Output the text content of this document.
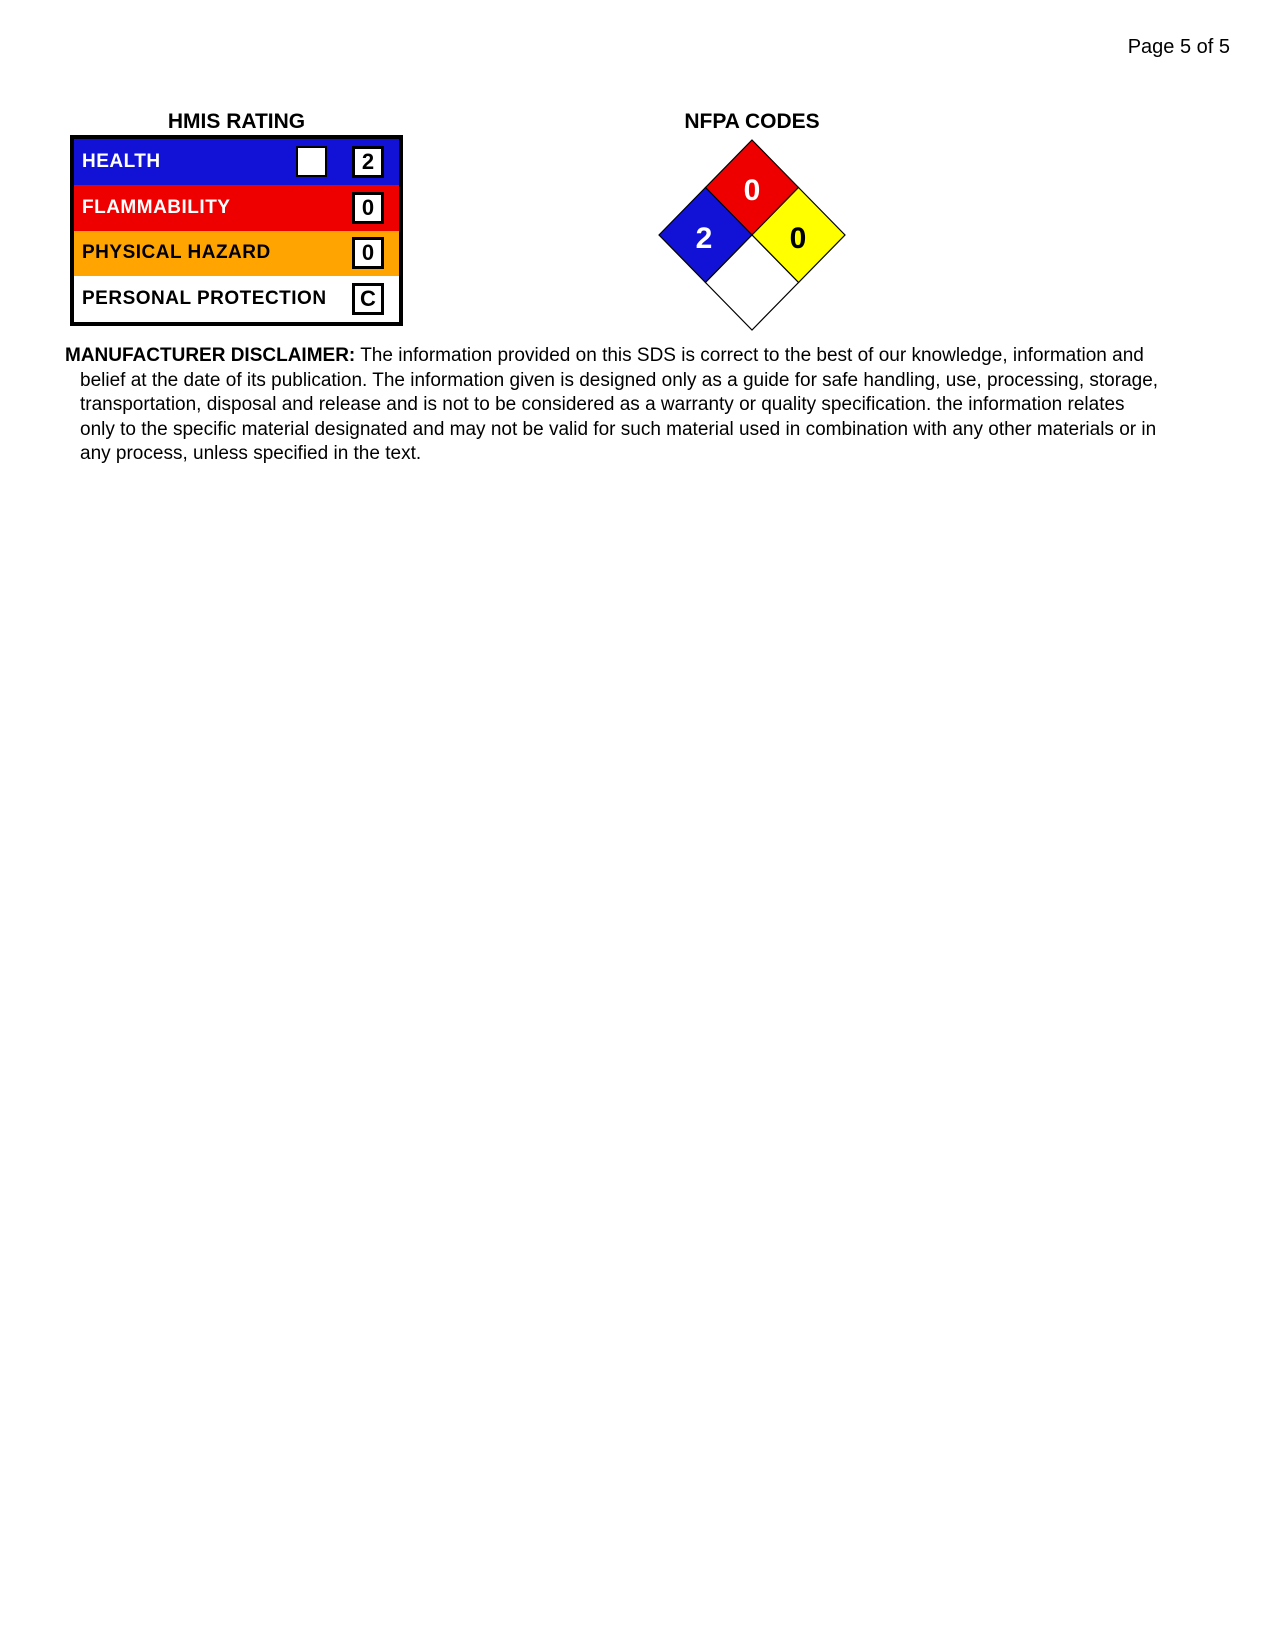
Page 5 of 5
HMIS RATING
HEALTH	2
FLAMMABILITY	0
PHYSICAL HAZARD	0
PERSONAL PROTECTION	C
NFPA CODES
0
2	0
MANUFACTURER DISCLAIMER: The information provided on this SDS is correct to the best of our knowledge, information and
belief at the date of its publication. The information given is designed only as a guide for safe handling, use, processing, storage,
transportation, disposal and release and is not to be considered as a warranty or quality specification. the information relates
only to the specific material designated and may not be valid for such material used in combination with any other materials or in
any process, unless specified in the text.
